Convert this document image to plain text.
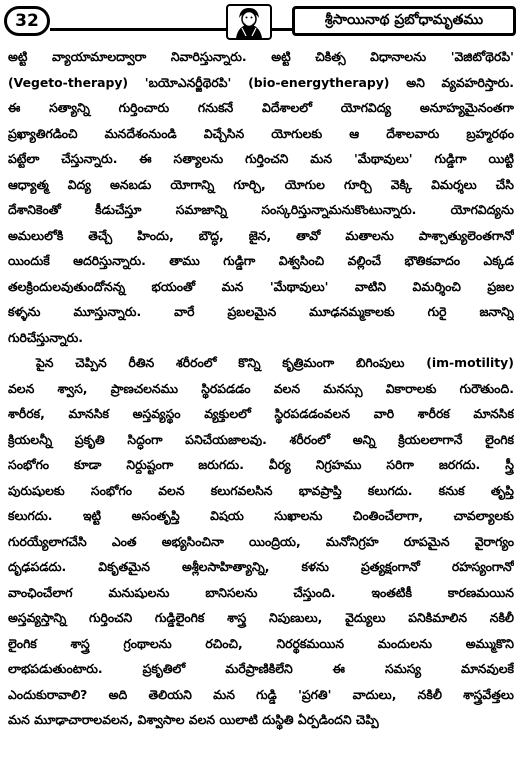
32	శ్రీసాయినాథ ప్రబోధామృతము
అట్టి వ్యాయామాలద్వారా నివారిస్తున్నారు. అట్టి చికిత్స విధానాలను 'వెజిటోథెరపి'
(Vegeto-therapy) 'బయోఎనర్జీథెరపి' (bio-energytherapy) అని వ్యవహరిస్తారు.
ఈ సత్యాన్ని గుర్తించారు గనుకనే విదేశాలలో యోగవిద్య అనూహ్యమైనంతగా
ప్రఖ్యాతిగడించి మనదేశంనుండి విచ్చేసిన యోగులకు ఆ దేశాలవారు బ్రహ్మరథం
పట్టేలా చేస్తున్నారు. ఈ సత్యాలను గుర్తించని మన 'మేథావులు' గుడ్డిగా యిట్టి
ఆధ్యాత్మ విద్య అనబడు యోగాన్ని గూర్చి, యోగుల గూర్చి వెక్కి విమర్శలు చేసి
దేశానికెంతో	కీడుచేస్తూ	సమాజాన్ని	సంస్కరిస్తున్నామనుకొంటున్నారు.	యోగవిద్యను
అమలులోకి తెచ్చే హిందు, బౌద్ధ, జైన, తావో మతాలను పాశ్చాత్యులెంతగానో
యిందుకే ఆదరిస్తున్నారు. తాము గుడ్డిగా విశ్వసించి వల్లించే భౌతికవాదం ఎక్కడ
తలక్రిందులవుతుందోనన్న భయంతో మన 'మేథావులు' వాటిని విమర్శించి ప్రజల
కళ్ళను	మూస్తున్నారు.	వారే	ప్రబలమైన	మూఢనమ్మకాలకు	గురై	జనాన్ని
గురిచేస్తున్నారు.
పైన చెప్పిన రీతిన శరీరంలో కొన్ని కృత్రిమంగా బిగింపులు (im-motility)
వలన శ్వాస, ప్రాణచలనము స్థిరపడడం వలన మనస్సు వికారాలకు గురౌతుంది.
శారీరక, మానసిక అస్తవ్యస్థం వ్యక్తులలో స్థిరపడడంవలన వారి శారీరక మానసిక
క్రియలన్నీ ప్రకృతి సిద్ధంగా పనిచేయజాలవు. శరీరంలో అన్ని క్రియలలాగానే లైంగిక
సంభోగం కూడా నిర్దుష్టంగా జరుగదు. వీర్య నిగ్రహము సరిగా జరగదు. స్త్రీ
పురుషులకు సంభోగం వలన కలుగవలసిన భావప్రాప్తి కలుగదు. కనుక తృప్తి
కలుగదు. ఇట్టి అసంతృప్తి విషయ సుఖాలను చింతించేలాగా, చావల్యాలకు
గురయ్యేలాగచేసి ఎంత అభ్యసించినా యింద్రియ, మనోనిగ్రహ రూపమైన వైరాగ్యం
దృఢపడదు.	వికృతమైన	అశ్లీలసాహిత్యాన్ని,	కళను	ప్రత్యక్షంగానో	రహస్యంగానో
వాంఛించేలాగ	మనుషులను	బానిసలను	చేస్తుంది.	ఇంతటికీ	కారణమయిన
అస్తవ్యస్తాన్ని గుర్తించని గుడ్డిలైంగిక శాస్త్ర నిపుణులు, వైద్యులు పనికిమాలిన నకిలీ
లైంగిక	శాస్త్ర	గ్రంథాలను	రచించి,	నిరర్థకమయిన	మందులను	అమ్ముకొని
లాభపడుతుంటారు.	ప్రకృతిలో	మరేప్రాణికిలేని	ఈ	సమస్య	మానవులకే
ఎందుకురావాలి? అది తెలియని మన గుడ్డి 'ప్రగతి' వాదులు, నకిలీ శాస్త్రవేత్తలు
మన మూఢాచారాలవలన, విశ్వాసాల వలన యిలాటి దుస్థితి ఏర్పడిందని చెప్పి
